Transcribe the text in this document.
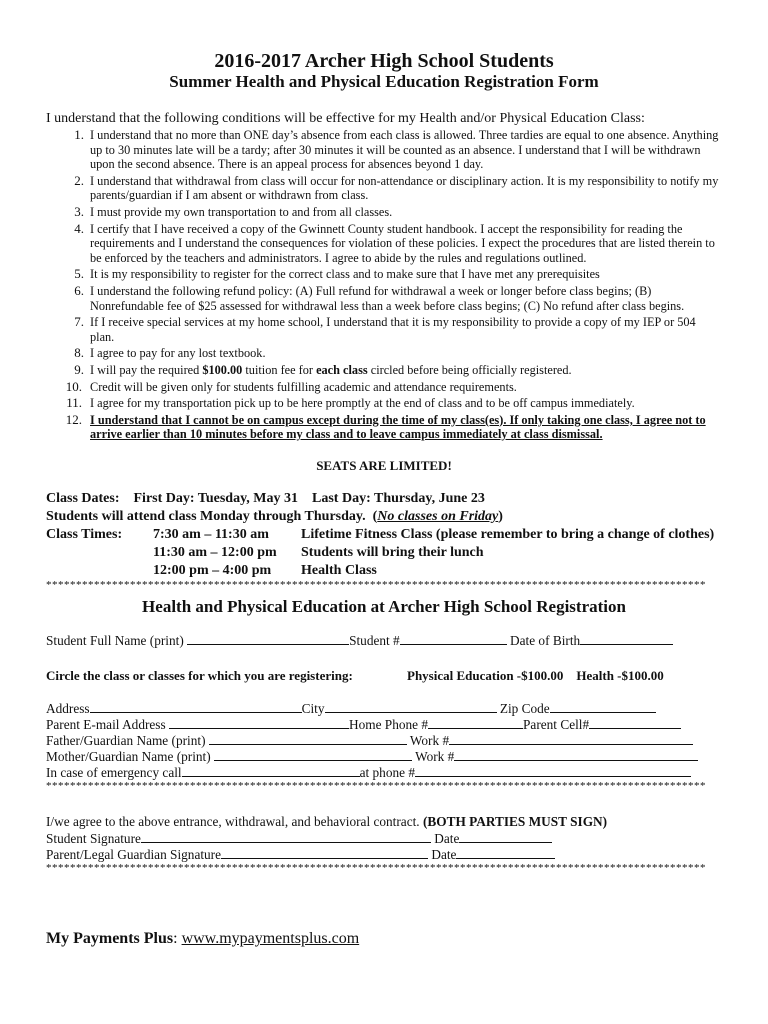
2016-2017 Archer High School Students
Summer Health and Physical Education Registration Form
I understand that the following conditions will be effective for my Health and/or Physical Education Class:
1. I understand that no more than ONE day’s absence from each class is allowed. Three tardies are equal to one absence. Anything up to 30 minutes late will be a tardy; after 30 minutes it will be counted as an absence. I understand that I will be withdrawn upon the second absence. There is an appeal process for absences beyond 1 day.
2. I understand that withdrawal from class will occur for non-attendance or disciplinary action. It is my responsibility to notify my parents/guardian if I am absent or withdrawn from class.
3. I must provide my own transportation to and from all classes.
4. I certify that I have received a copy of the Gwinnett County student handbook. I accept the responsibility for reading the requirements and I understand the consequences for violation of these policies. I expect the procedures that are listed therein to be enforced by the teachers and administrators. I agree to abide by the rules and regulations outlined.
5. It is my responsibility to register for the correct class and to make sure that I have met any prerequisites
6. I understand the following refund policy: (A) Full refund for withdrawal a week or longer before class begins; (B) Nonrefundable fee of $25 assessed for withdrawal less than a week before class begins; (C) No refund after class begins.
7. If I receive special services at my home school, I understand that it is my responsibility to provide a copy of my IEP or 504 plan.
8. I agree to pay for any lost textbook.
9. I will pay the required $100.00 tuition fee for each class circled before being officially registered.
10. Credit will be given only for students fulfilling academic and attendance requirements.
11. I agree for my transportation pick up to be here promptly at the end of class and to be off campus immediately.
12. I understand that I cannot be on campus except during the time of my class(es). If only taking one class, I agree not to arrive earlier than 10 minutes before my class and to leave campus immediately at class dismissal.
SEATS ARE LIMITED!
Class Dates: First Day: Tuesday, May 31 Last Day: Thursday, June 23
Students will attend class Monday through Thursday.  (No classes on Friday)
Class Times: 7:30 am – 11:30 am Lifetime Fitness Class (please remember to bring a change of clothes)
11:30 am – 12:00 pm Students will bring their lunch
12:00 pm – 4:00 pm Health Class
**************************************************************************************************************
Health and Physical Education at Archer High School Registration
Student Full Name (print)	Student #	Date of Birth
Circle the class or classes for which you are registering:	Physical Education -$100.00 Health -$100.00
Address	City	Zip Code
Parent E-mail Address	Home Phone #	Parent Cell#
Father/Guardian Name (print)	Work #
Mother/Guardian Name (print)	Work #
In case of emergency call	at phone #
**************************************************************************************************************
I/we agree to the above entrance, withdrawal, and behavioral contract. (BOTH PARTIES MUST SIGN)
Student Signature	Date
Parent/Legal Guardian Signature	Date
**************************************************************************************************************
My Payments Plus: www.mypaymentsplus.com
